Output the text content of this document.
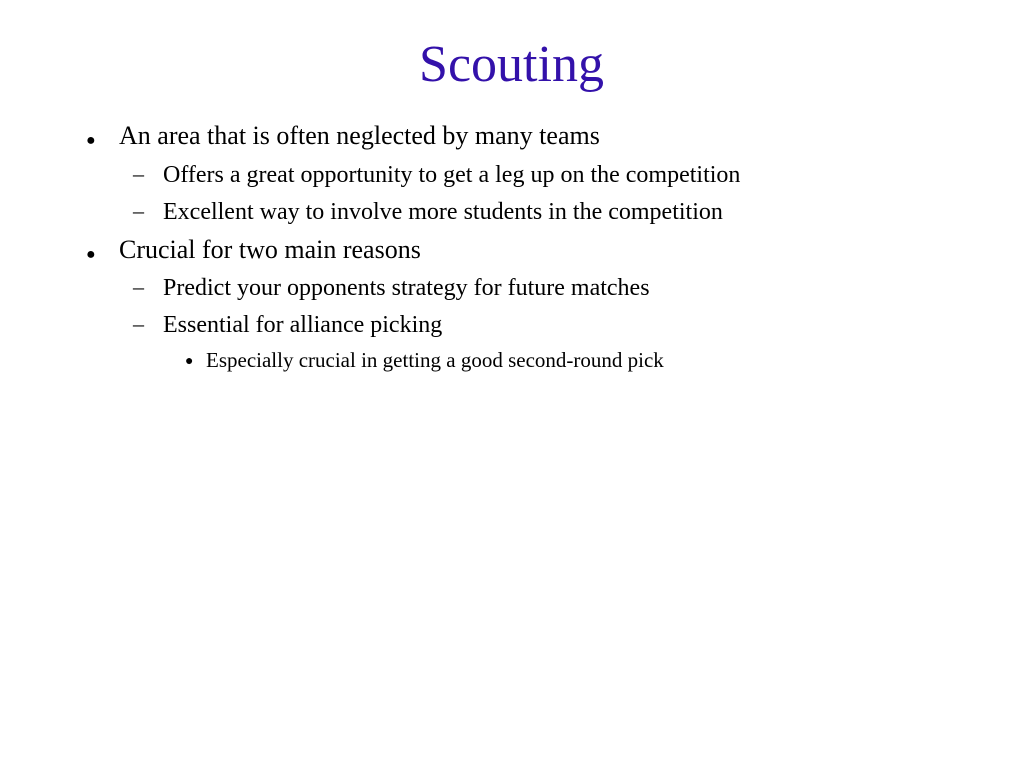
Scouting
● An area that is often neglected by many teams
– Offers a great opportunity to get a leg up on the competition
– Excellent way to involve more students in the competition
● Crucial for two main reasons
– Predict your opponents strategy for future matches
– Essential for alliance picking
● Especially crucial in getting a good second-round pick
